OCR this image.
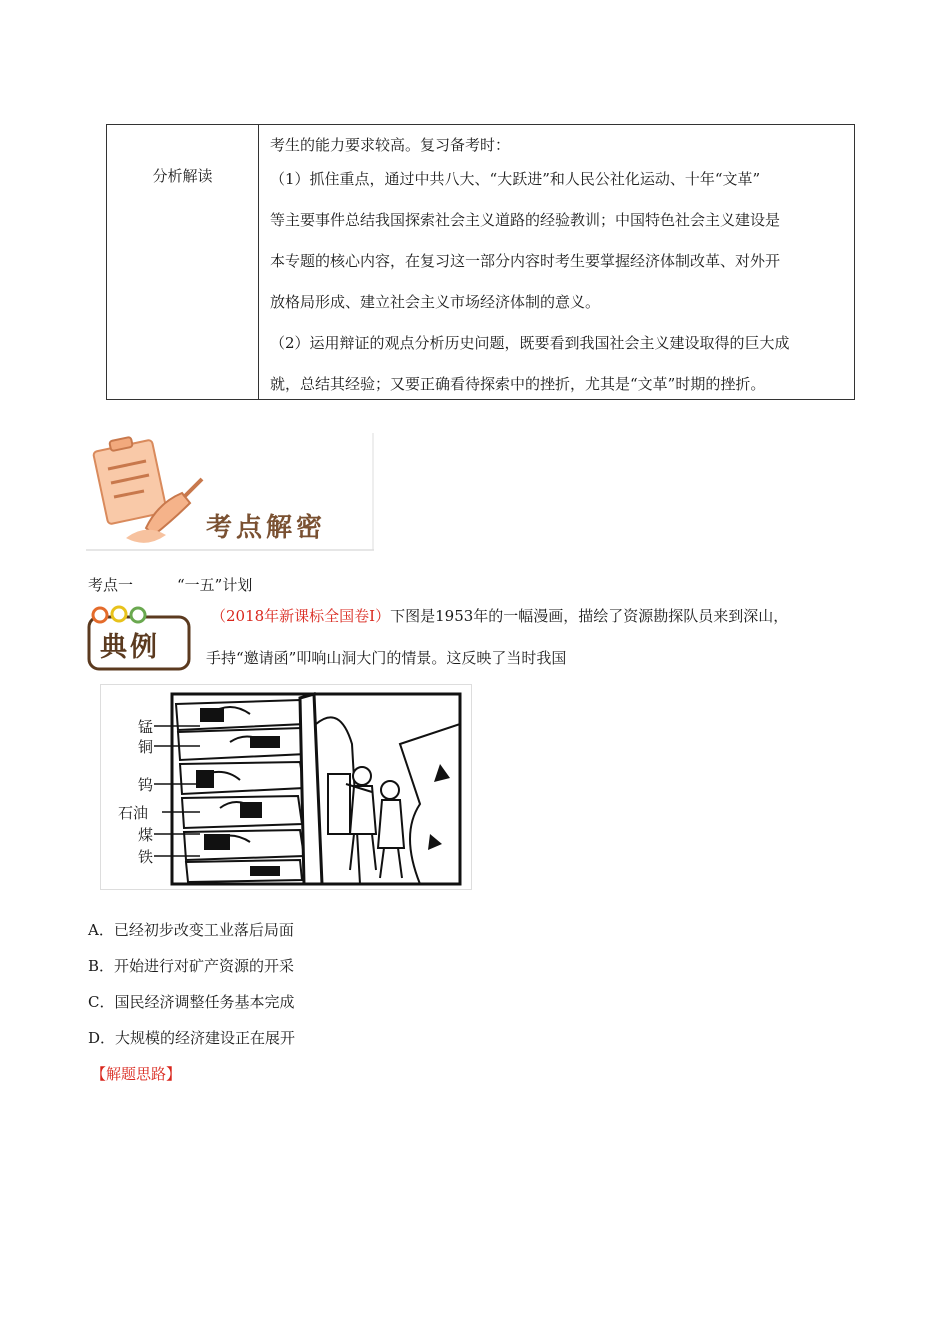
分析解读

考生的能力要求较高。复习备考时：

（1）抓住重点，通过中共八大、“大跃进”和人民公社化运动、十年“文革”

等主要事件总结我国探索社会主义道路的经验教训；中国特色社会主义建设是

本专题的核心内容，在复习这一部分内容时考生要掌握经济体制改革、对外开

放格局形成、建立社会主义市场经济体制的意义。

（2）运用辩证的观点分析历史问题，既要看到我国社会主义建设取得的巨大成

就，总结其经验；又要正确看待探索中的挫折，尤其是“文革”时期的挫折。

考点解密
考点一	“一五”计划
典例
（2018年新课标全国卷Ⅰ）下图是1953年的一幅漫画，描绘了资源勘探队员来到深山，
手持“邀请函”叩响山洞大门的情景。这反映了当时我国
锰
铜
钨
石油
煤
铁
A．已经初步改变工业落后局面
B．开始进行对矿产资源的开采
C．国民经济调整任务基本完成
D．大规模的经济建设正在展开
【解题思路】
